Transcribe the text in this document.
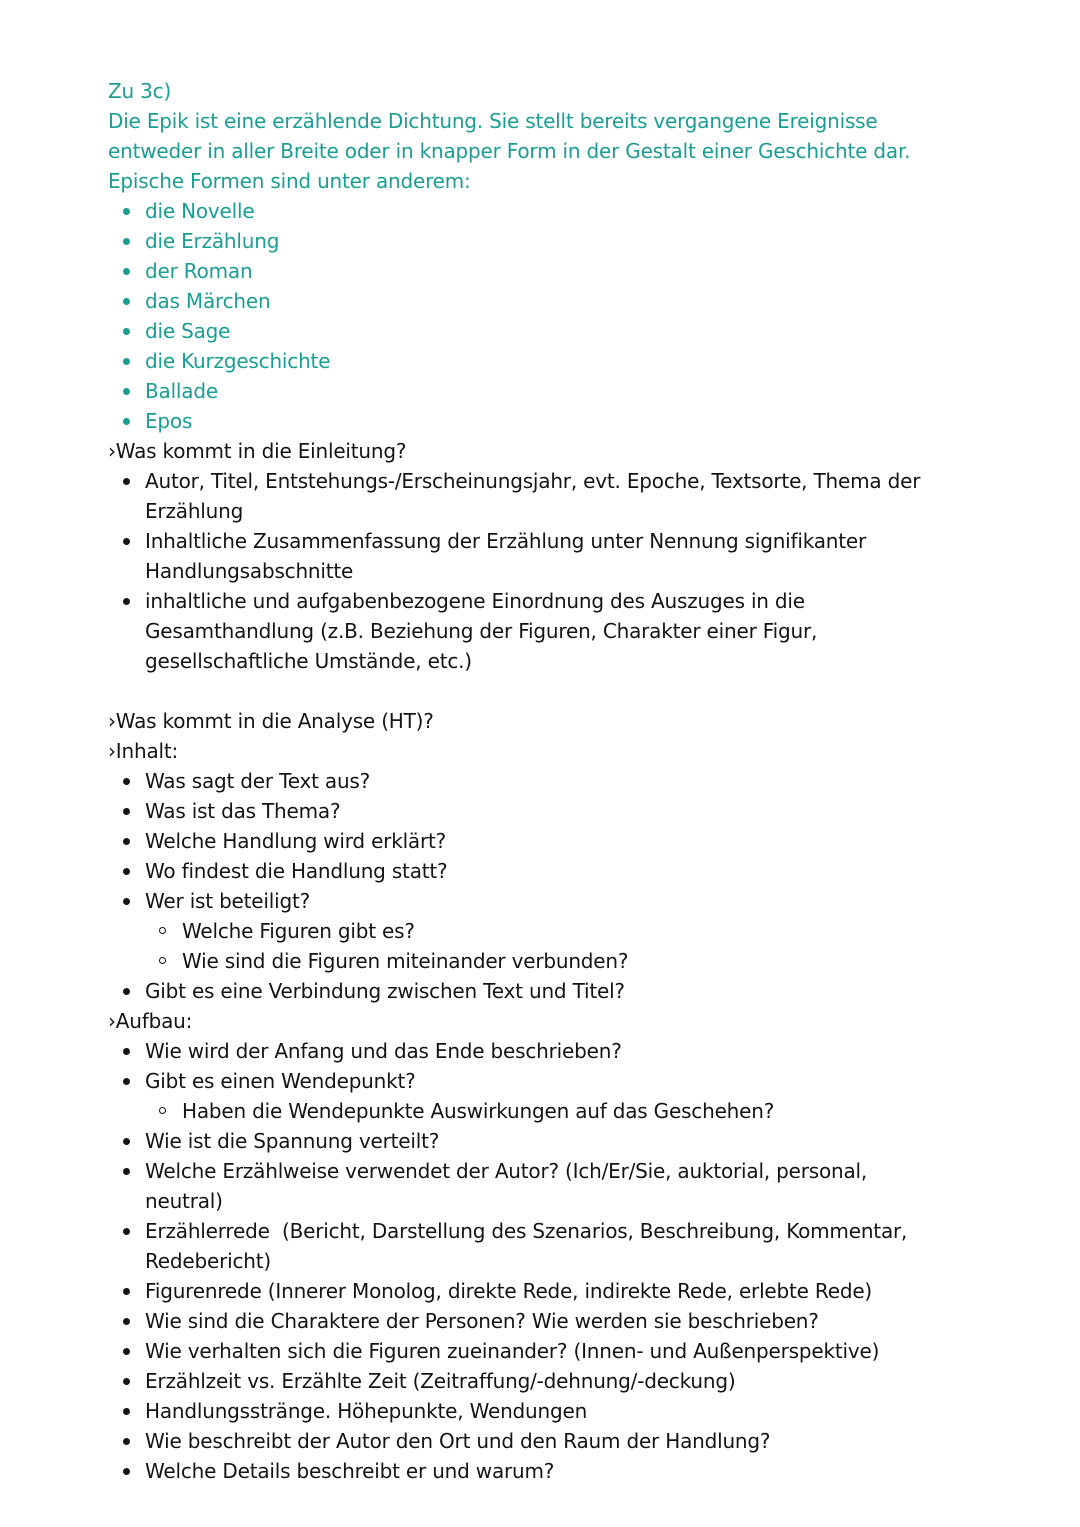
Zu 3c)
Die Epik ist eine erzählende Dichtung. Sie stellt bereits vergangene Ereignisse
entweder in aller Breite oder in knapper Form in der Gestalt einer Geschichte dar.
Epische Formen sind unter anderem:
die Novelle
die Erzählung
der Roman
das Märchen
die Sage
die Kurzgeschichte
Ballade
Epos
›Was kommt in die Einleitung?
Autor, Titel, Entstehungs-/Erscheinungsjahr, evt. Epoche, Textsorte, Thema der
Erzählung
Inhaltliche Zusammenfassung der Erzählung unter Nennung signifikanter
Handlungsabschnitte
inhaltliche und aufgabenbezogene Einordnung des Auszuges in die
Gesamthandlung (z.B. Beziehung der Figuren, Charakter einer Figur,
gesellschaftliche Umstände, etc.)
›Was kommt in die Analyse (HT)?
›Inhalt:
Was sagt der Text aus?
Was ist das Thema?
Welche Handlung wird erklärt?
Wo findest die Handlung statt?
Wer ist beteiligt?
Welche Figuren gibt es?
Wie sind die Figuren miteinander verbunden?
Gibt es eine Verbindung zwischen Text und Titel?
›Aufbau:
Wie wird der Anfang und das Ende beschrieben?
Gibt es einen Wendepunkt?
Haben die Wendepunkte Auswirkungen auf das Geschehen?
Wie ist die Spannung verteilt?
Welche Erzählweise verwendet der Autor? (Ich/Er/Sie, auktorial, personal,
neutral)
Erzählerrede  (Bericht, Darstellung des Szenarios, Beschreibung, Kommentar,
Redebericht)
Figurenrede (Innerer Monolog, direkte Rede, indirekte Rede, erlebte Rede)
Wie sind die Charaktere der Personen? Wie werden sie beschrieben?
Wie verhalten sich die Figuren zueinander? (Innen- und Außenperspektive)
Erzählzeit vs. Erzählte Zeit (Zeitraffung/-dehnung/-deckung)
Handlungsstränge. Höhepunkte, Wendungen
Wie beschreibt der Autor den Ort und den Raum der Handlung?
Welche Details beschreibt er und warum?
